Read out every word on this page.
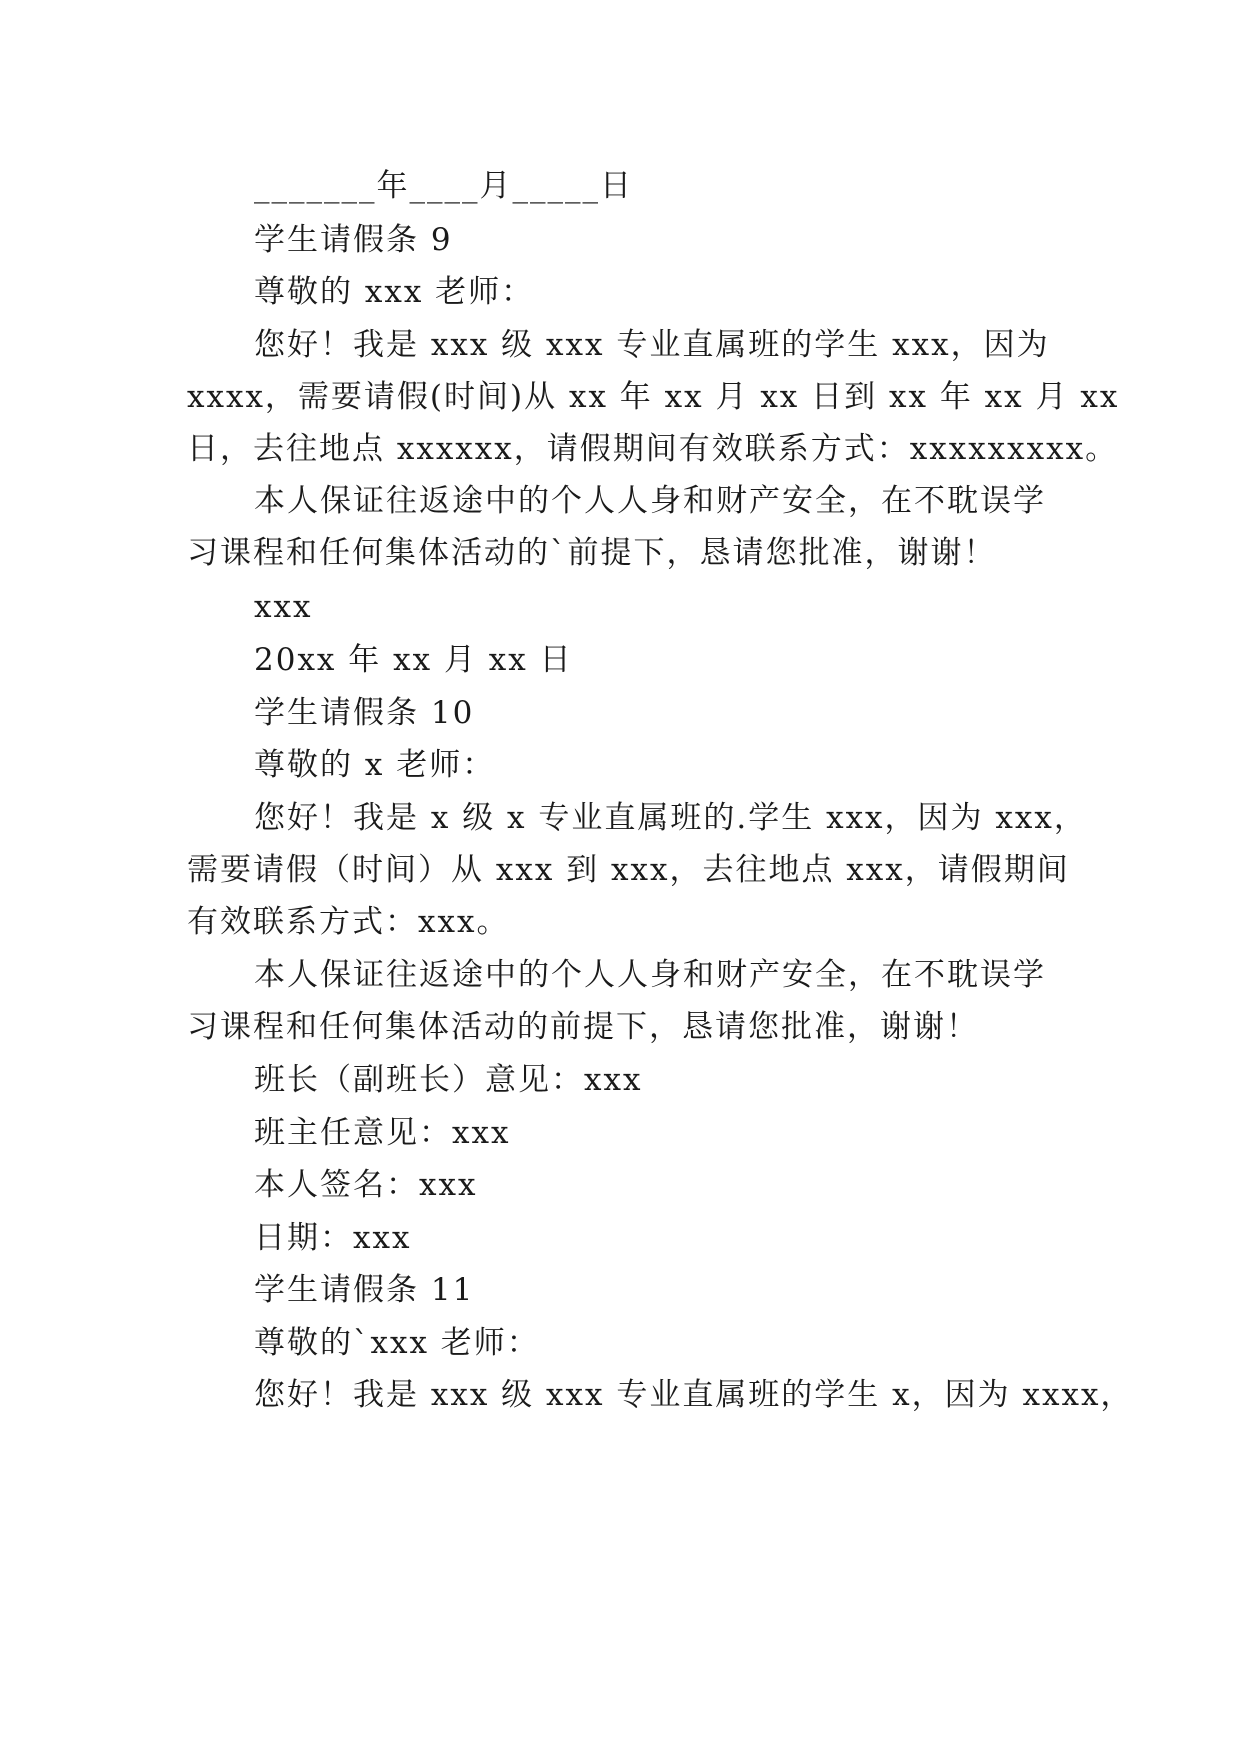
_______年____月_____日
学生请假条 9
尊敬的 xxx 老师：
您好！我是 xxx 级 xxx 专业直属班的学生 xxx，因为
xxxx，需要请假(时间)从 xx 年 xx 月 xx 日到 xx 年 xx 月 xx
日，去往地点 xxxxxx，请假期间有效联系方式：xxxxxxxxx。
本人保证往返途中的个人人身和财产安全，在不耽误学
习课程和任何集体活动的`前提下，恳请您批准，谢谢！
xxx
20xx 年 xx 月 xx 日
学生请假条 10
尊敬的 x 老师：
您好！我是 x 级 x 专业直属班的.学生 xxx，因为 xxx，
需要请假（时间）从 xxx 到 xxx，去往地点 xxx，请假期间
有效联系方式：xxx。
本人保证往返途中的个人人身和财产安全，在不耽误学
习课程和任何集体活动的前提下，恳请您批准，谢谢！
班长（副班长）意见：xxx
班主任意见：xxx
本人签名：xxx
日期：xxx
学生请假条 11
尊敬的`xxx 老师：
您好！我是 xxx 级 xxx 专业直属班的学生 x，因为 xxxx，
